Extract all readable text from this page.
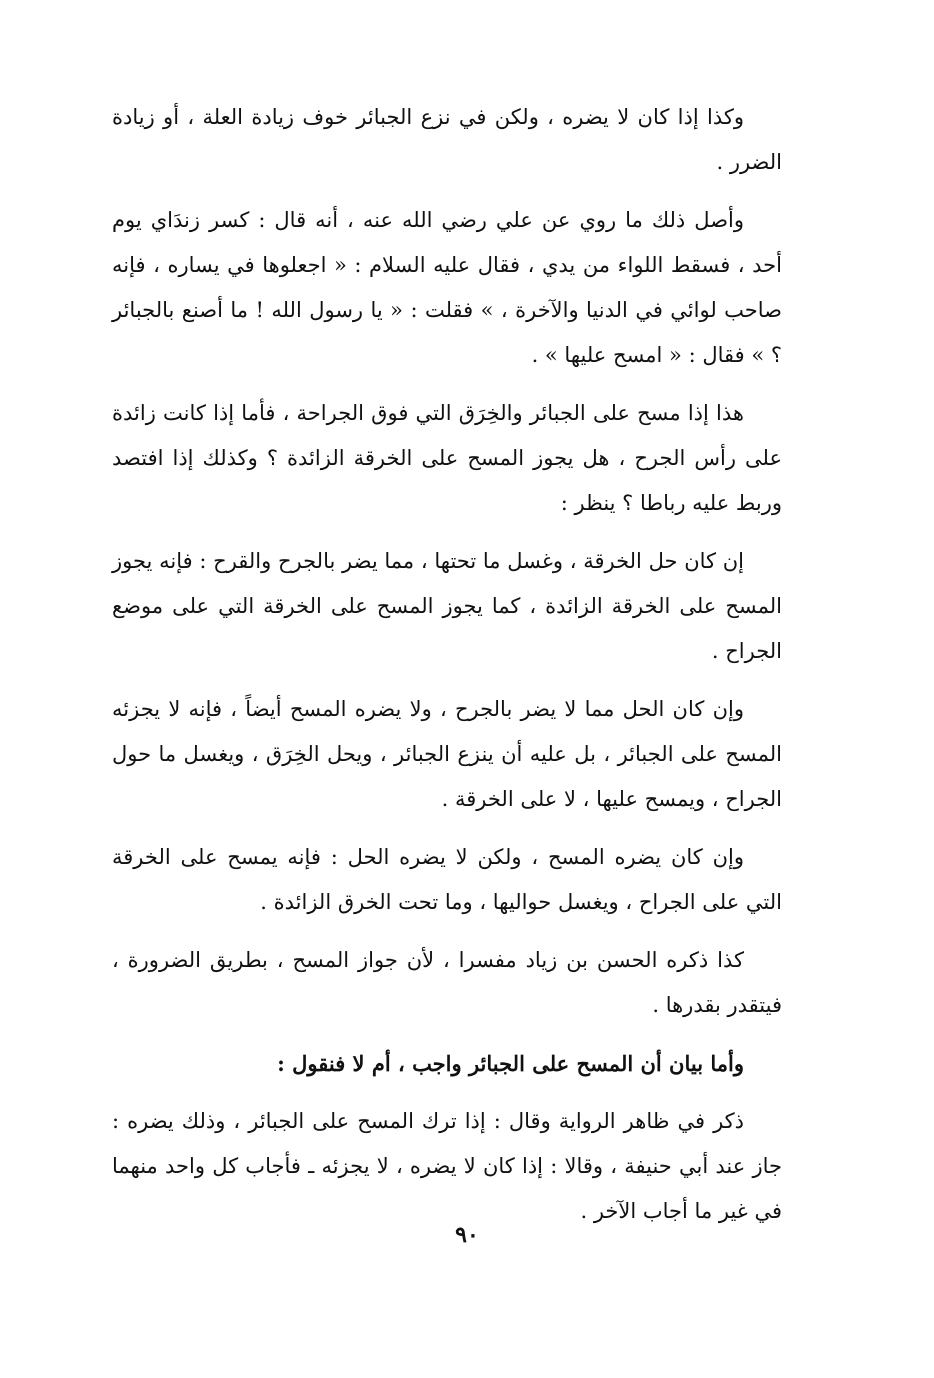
وكذا إذا كان لا يضره ، ولكن في نزع الجبائر خوف زيادة العلة ، أو زيادة الضرر .

وأصل ذلك ما روي عن علي رضي الله عنه ، أنه قال : كسر زندَاي يوم أحد ، فسقط اللواء من يدي ، فقال عليه السلام : « اجعلوها في يساره ، فإنه صاحب لوائي في الدنيا والآخرة ، » فقلت : « يا رسول الله ! ما أصنع بالجبائر ؟ » فقال : « امسح عليها » .

هذا إذا مسح على الجبائر والخِرَق التي فوق الجراحة ، فأما إذا كانت زائدة على رأس الجرح ، هل يجوز المسح على الخرقة الزائدة ؟ وكذلك إذا افتصد وربط عليه رباطا ؟ ينظر :

إن كان حل الخرقة ، وغسل ما تحتها ، مما يضر بالجرح والقرح : فإنه يجوز المسح على الخرقة الزائدة ، كما يجوز المسح على الخرقة التي على موضع الجراح .

وإن كان الحل مما لا يضر بالجرح ، ولا يضره المسح أيضاً ، فإنه لا يجزئه المسح على الجبائر ، بل عليه أن ينزع الجبائر ، ويحل الخِرَق ، ويغسل ما حول الجراح ، ويمسح عليها ، لا على الخرقة .

وإن كان يضره المسح ، ولكن لا يضره الحل : فإنه يمسح على الخرقة التي على الجراح ، ويغسل حواليها ، وما تحت الخرق الزائدة .

كذا ذكره الحسن بن زياد مفسرا ، لأن جواز المسح ، بطريق الضرورة ، فيتقدر بقدرها .

وأما بيان أن المسح على الجبائر واجب ، أم لا فنقول :

ذكر في ظاهر الرواية وقال : إذا ترك المسح على الجبائر ، وذلك يضره : جاز عند أبي حنيفة ، وقالا : إذا كان لا يضره ، لا يجزئه ـ فأجاب كل واحد منهما في غير ما أجاب الآخر .

٩٠
